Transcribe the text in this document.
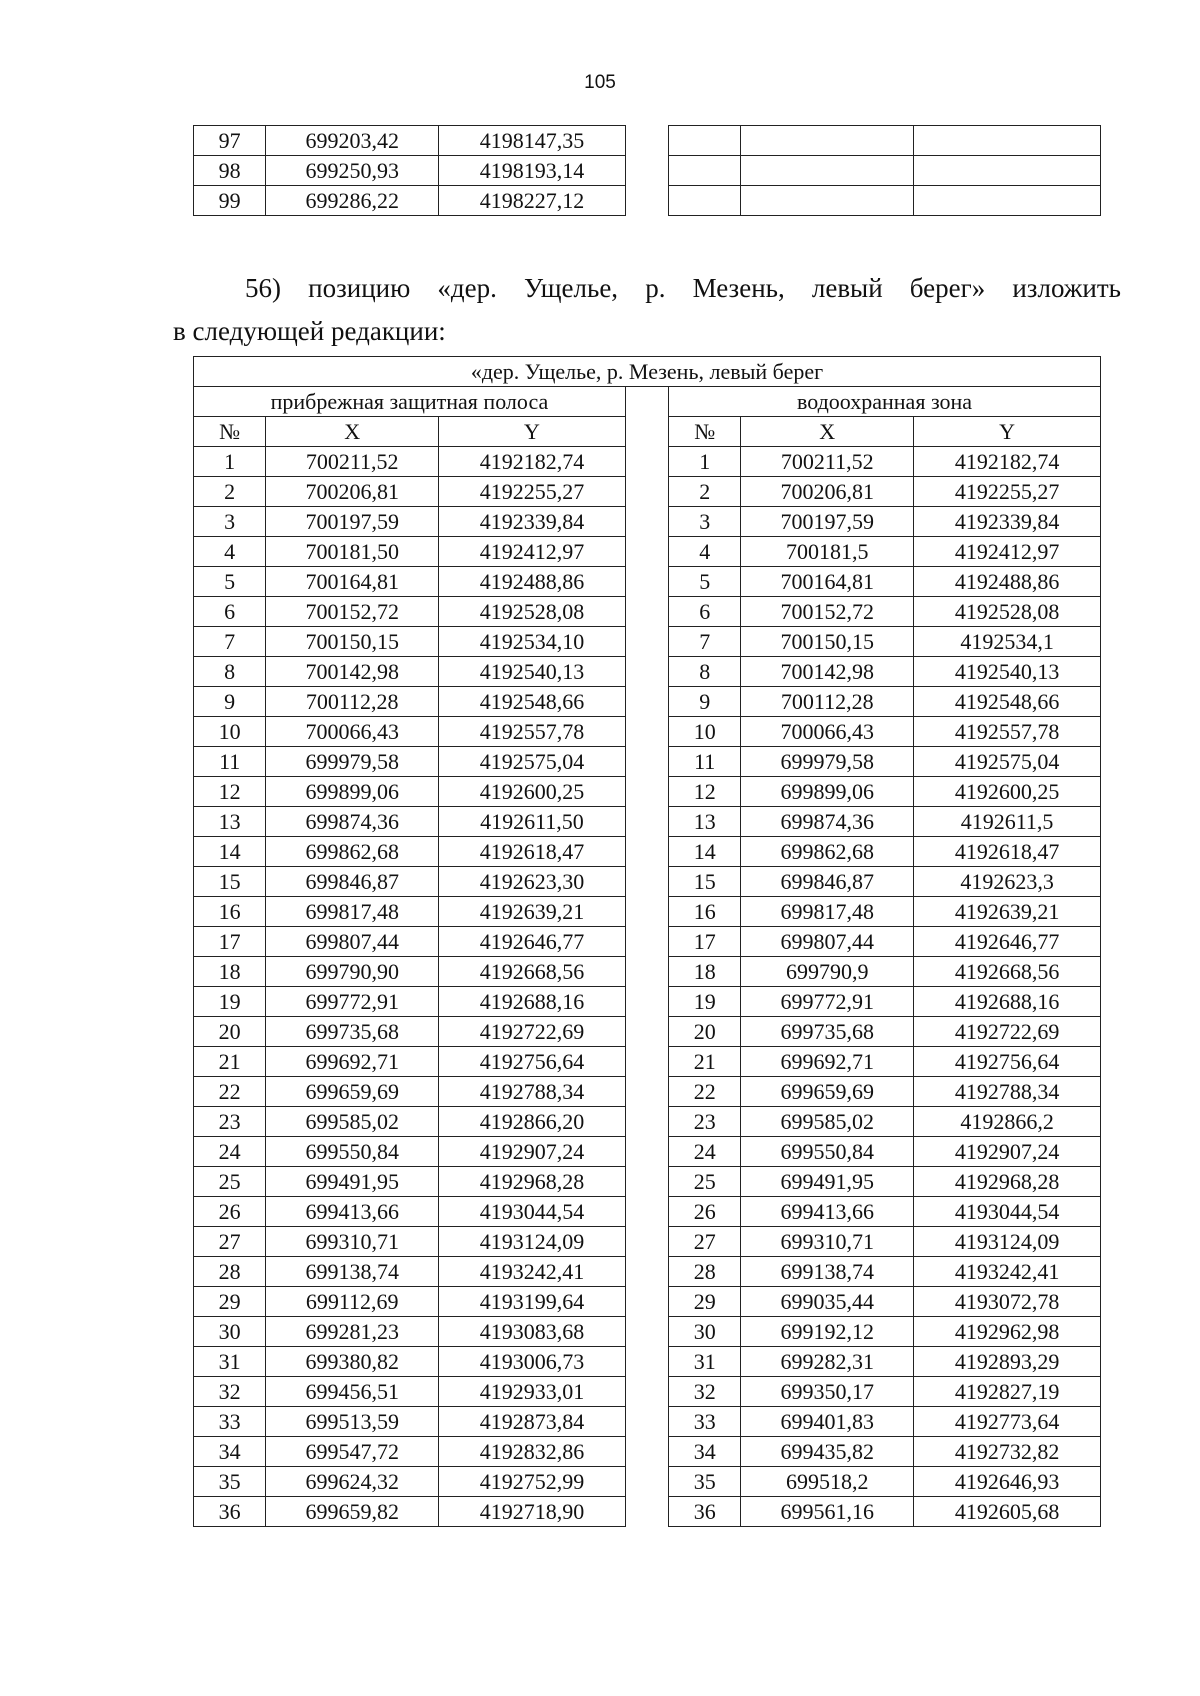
105
97	699203,42	4198147,35				
98	699250,93	4198193,14				
99	699286,22	4198227,12				
56) позицию «дер. Ущелье, р. Мезень, левый берег» изложить
в следующей редакции:
«дер. Ущелье, р. Мезень, левый берег						
прибрежная защитная полоса				водоохранная зона		
№	X	Y		№	X	Y
1	700211,52	4192182,74		1	700211,52	4192182,74
2	700206,81	4192255,27		2	700206,81	4192255,27
3	700197,59	4192339,84		3	700197,59	4192339,84
4	700181,50	4192412,97		4	700181,5	4192412,97
5	700164,81	4192488,86		5	700164,81	4192488,86
6	700152,72	4192528,08		6	700152,72	4192528,08
7	700150,15	4192534,10		7	700150,15	4192534,1
8	700142,98	4192540,13		8	700142,98	4192540,13
9	700112,28	4192548,66		9	700112,28	4192548,66
10	700066,43	4192557,78		10	700066,43	4192557,78
11	699979,58	4192575,04		11	699979,58	4192575,04
12	699899,06	4192600,25		12	699899,06	4192600,25
13	699874,36	4192611,50		13	699874,36	4192611,5
14	699862,68	4192618,47		14	699862,68	4192618,47
15	699846,87	4192623,30		15	699846,87	4192623,3
16	699817,48	4192639,21		16	699817,48	4192639,21
17	699807,44	4192646,77		17	699807,44	4192646,77
18	699790,90	4192668,56		18	699790,9	4192668,56
19	699772,91	4192688,16		19	699772,91	4192688,16
20	699735,68	4192722,69		20	699735,68	4192722,69
21	699692,71	4192756,64		21	699692,71	4192756,64
22	699659,69	4192788,34		22	699659,69	4192788,34
23	699585,02	4192866,20		23	699585,02	4192866,2
24	699550,84	4192907,24		24	699550,84	4192907,24
25	699491,95	4192968,28		25	699491,95	4192968,28
26	699413,66	4193044,54		26	699413,66	4193044,54
27	699310,71	4193124,09		27	699310,71	4193124,09
28	699138,74	4193242,41		28	699138,74	4193242,41
29	699112,69	4193199,64		29	699035,44	4193072,78
30	699281,23	4193083,68		30	699192,12	4192962,98
31	699380,82	4193006,73		31	699282,31	4192893,29
32	699456,51	4192933,01		32	699350,17	4192827,19
33	699513,59	4192873,84		33	699401,83	4192773,64
34	699547,72	4192832,86		34	699435,82	4192732,82
35	699624,32	4192752,99		35	699518,2	4192646,93
36	699659,82	4192718,90		36	699561,16	4192605,68
